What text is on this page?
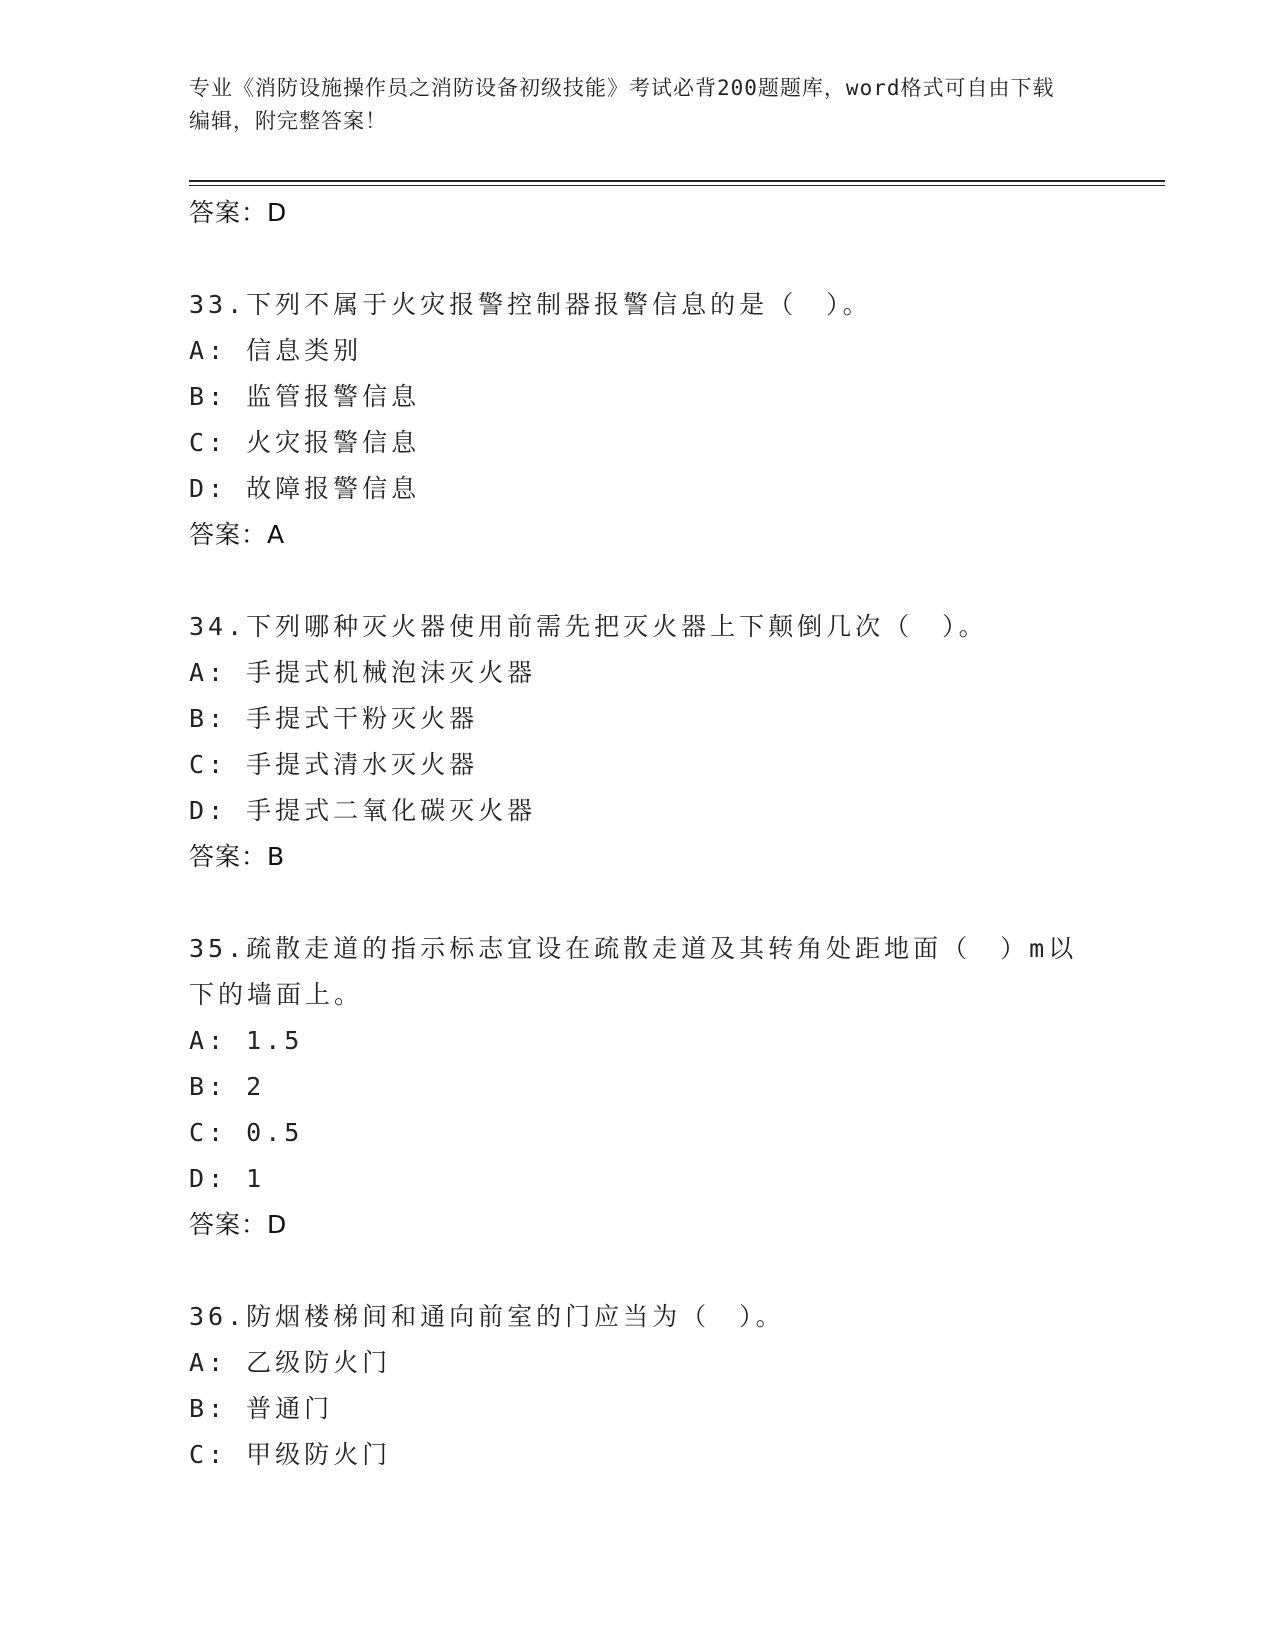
专业《消防设施操作员之消防设备初级技能》考试必背200题题库，word格式可自由下载编辑，附完整答案！
答案：D
33.下列不属于火灾报警控制器报警信息的是（　）。
A: 信息类别
B: 监管报警信息
C: 火灾报警信息
D: 故障报警信息
答案：A
34.下列哪种灭火器使用前需先把灭火器上下颠倒几次（　）。
A: 手提式机械泡沫灭火器
B: 手提式干粉灭火器
C: 手提式清水灭火器
D: 手提式二氧化碳灭火器
答案：B
35.疏散走道的指示标志宜设在疏散走道及其转角处距地面（　）m以下的墙面上。
A: 1.5
B: 2
C: 0.5
D: 1
答案：D
36.防烟楼梯间和通向前室的门应当为（　）。
A: 乙级防火门
B: 普通门
C: 甲级防火门
